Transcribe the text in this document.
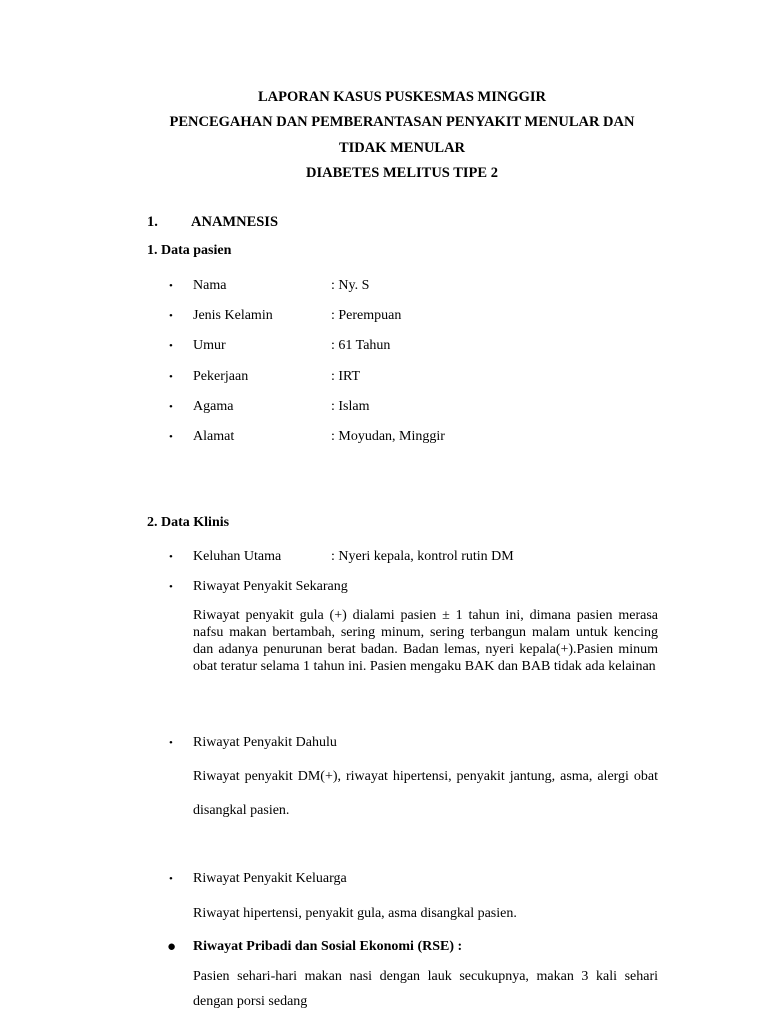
LAPORAN KASUS PUSKESMAS MINGGIR
PENCEGAHAN DAN PEMBERANTASAN PENYAKIT MENULAR DAN
TIDAK MENULAR
DIABETES MELITUS TIPE 2
1. ANAMNESIS
1. Data pasien
• Nama	: Ny. S
• Jenis Kelamin	: Perempuan
• Umur	: 61 Tahun
• Pekerjaan	: IRT
• Agama	: Islam
• Alamat	: Moyudan, Minggir
2. Data Klinis
• Keluhan Utama	: Nyeri kepala, kontrol rutin DM
• Riwayat Penyakit Sekarang
Riwayat penyakit gula (+) dialami pasien ± 1 tahun ini, dimana pasien merasa nafsu makan bertambah, sering minum, sering terbangun malam untuk kencing dan adanya penurunan berat badan. Badan lemas, nyeri kepala(+).Pasien minum obat teratur selama 1 tahun ini. Pasien mengaku BAK dan BAB tidak ada kelainan
• Riwayat Penyakit Dahulu
Riwayat penyakit DM(+), riwayat hipertensi, penyakit jantung, asma, alergi obat disangkal pasien.
• Riwayat Penyakit Keluarga
Riwayat hipertensi, penyakit gula, asma disangkal pasien.
● Riwayat Pribadi dan Sosial Ekonomi (RSE) :
Pasien sehari-hari makan nasi dengan lauk secukupnya, makan 3 kali sehari dengan porsi sedang
